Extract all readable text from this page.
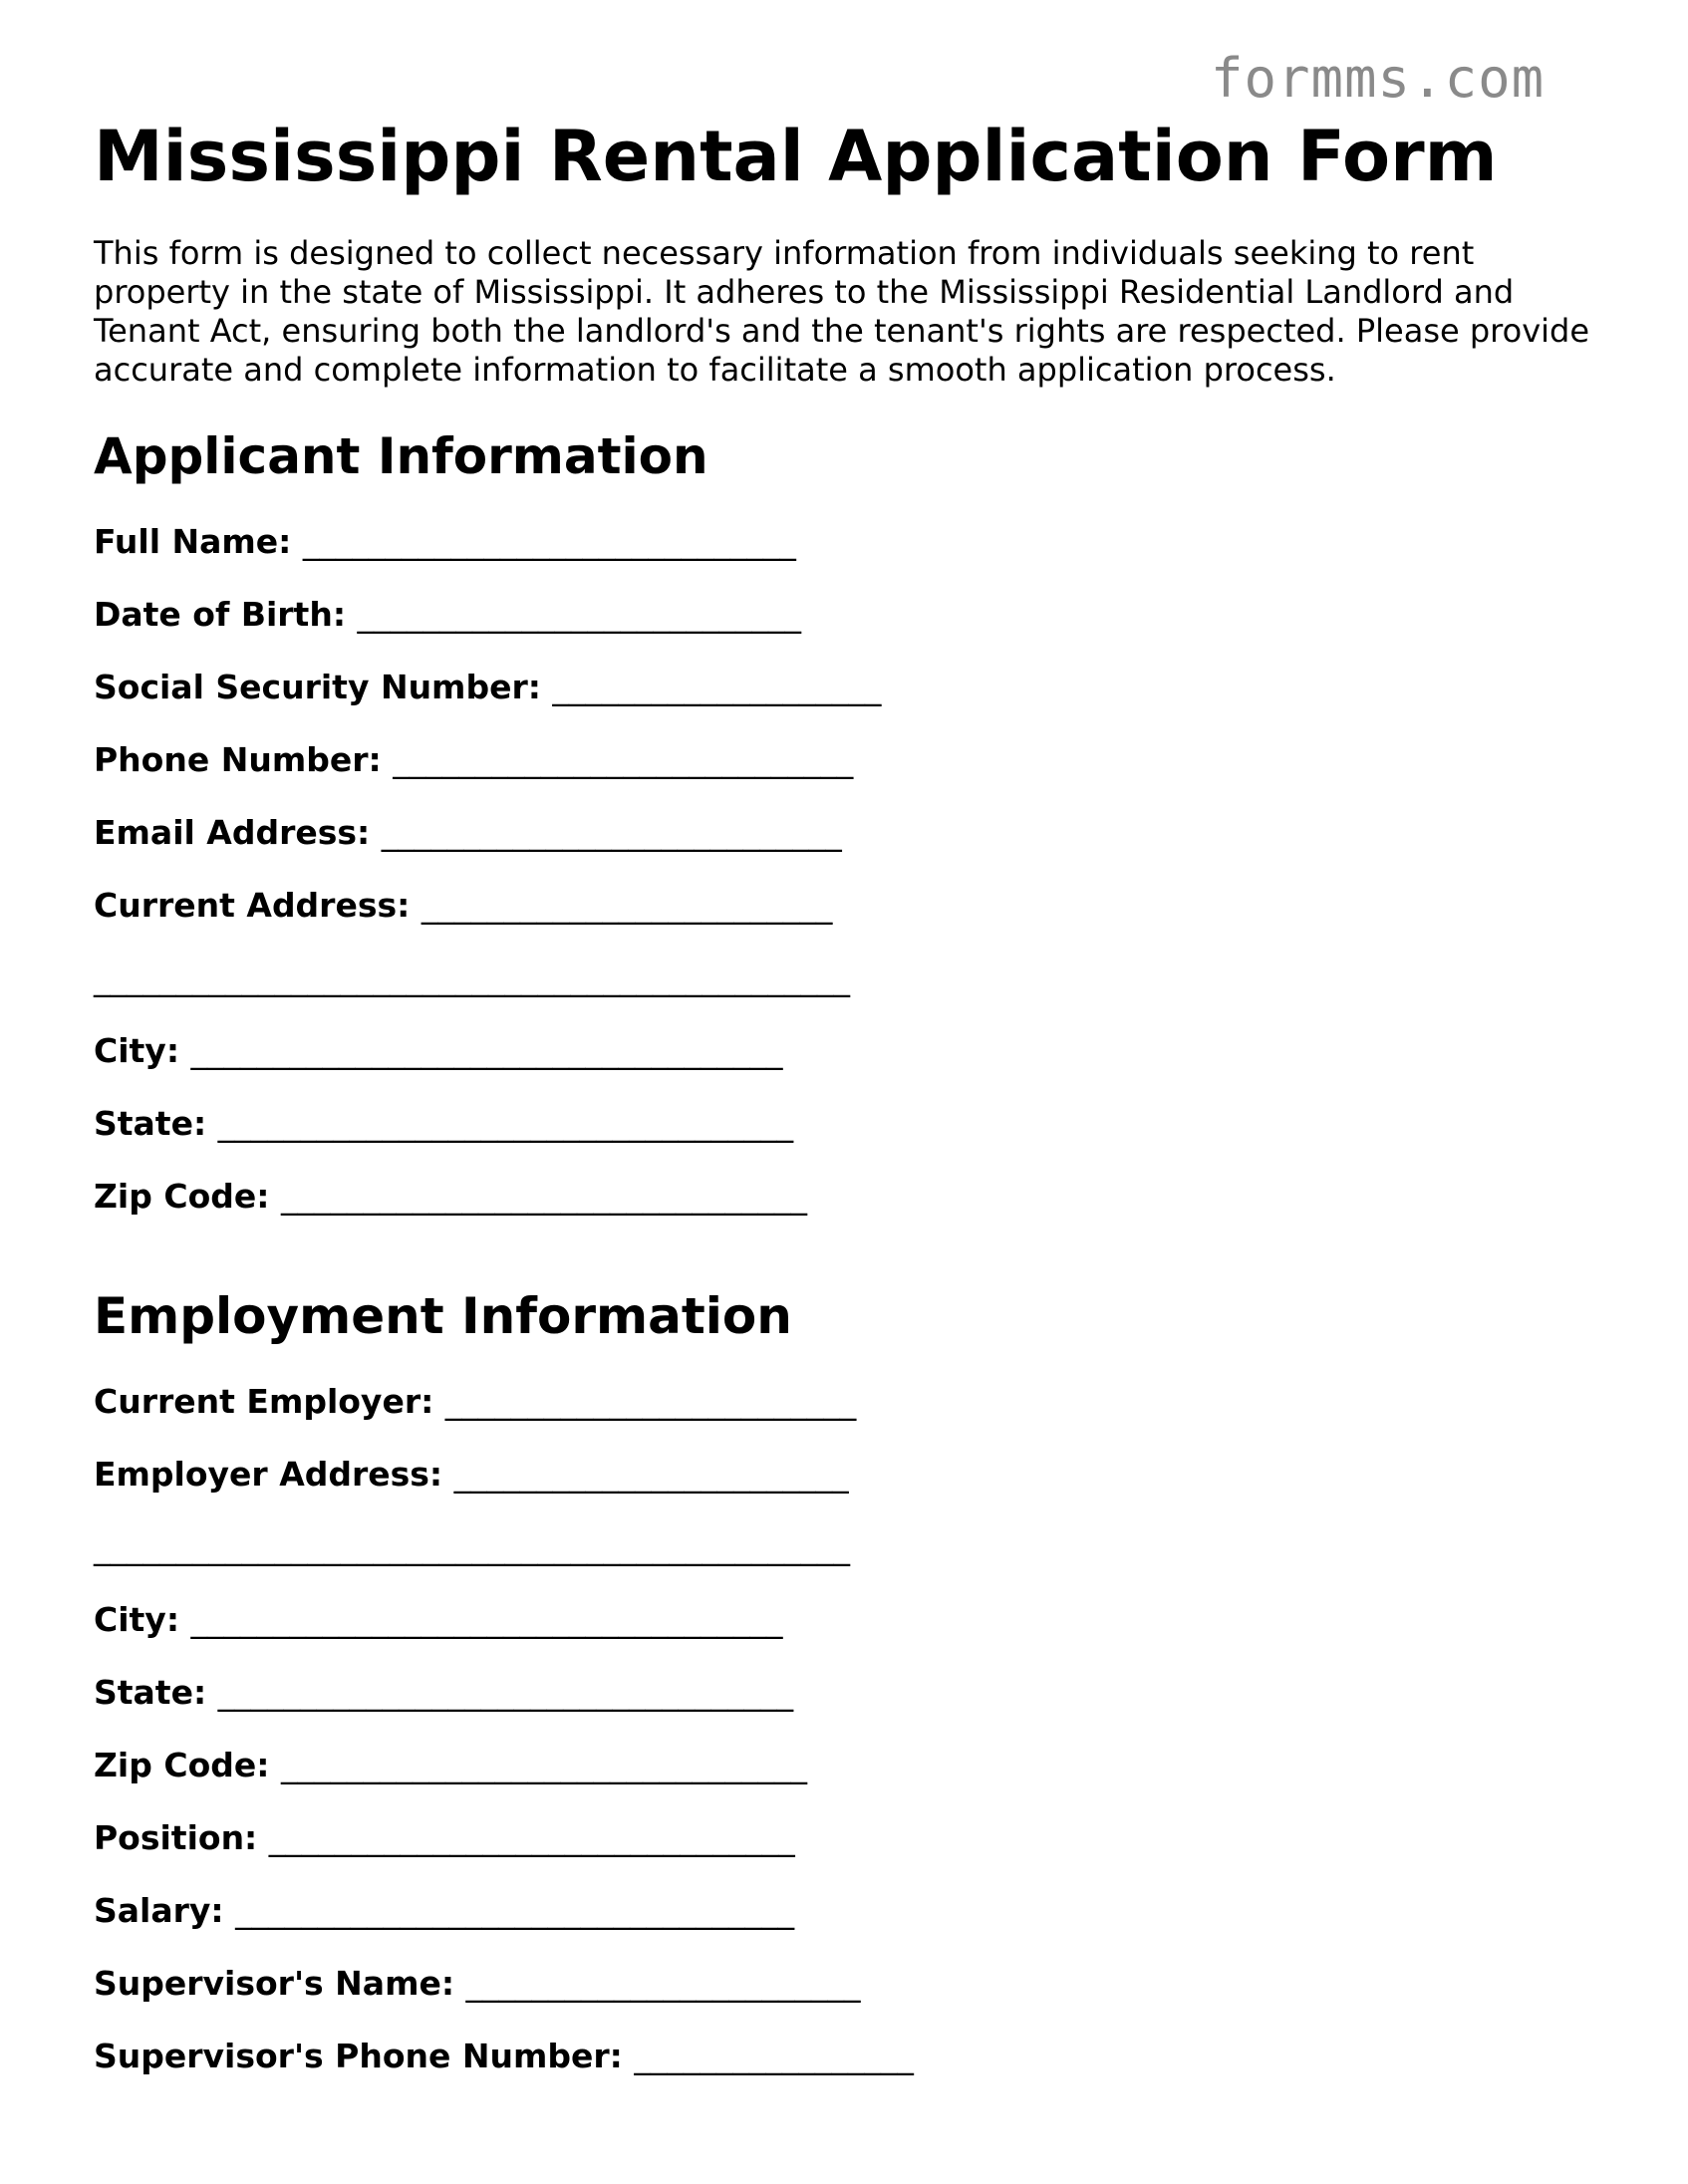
formms.com
Mississippi Rental Application Form

This form is designed to collect necessary information from individuals seeking to rent property in the state of Mississippi. It adheres to the Mississippi Residential Landlord and Tenant Act, ensuring both the landlord's and the tenant's rights are respected. Please provide accurate and complete information to facilitate a smooth application process.

Applicant Information
Full Name: ______________________________
Date of Birth: ___________________________
Social Security Number: ____________________
Phone Number: ____________________________
Email Address: ____________________________
Current Address: _________________________
______________________________________________
City: ____________________________________
State: ___________________________________
Zip Code: ________________________________
Employment Information
Current Employer: _________________________
Employer Address: ________________________
______________________________________________
City: ____________________________________
State: ___________________________________
Zip Code: ________________________________
Position: ________________________________
Salary: __________________________________
Supervisor's Name: ________________________
Supervisor's Phone Number: _________________
